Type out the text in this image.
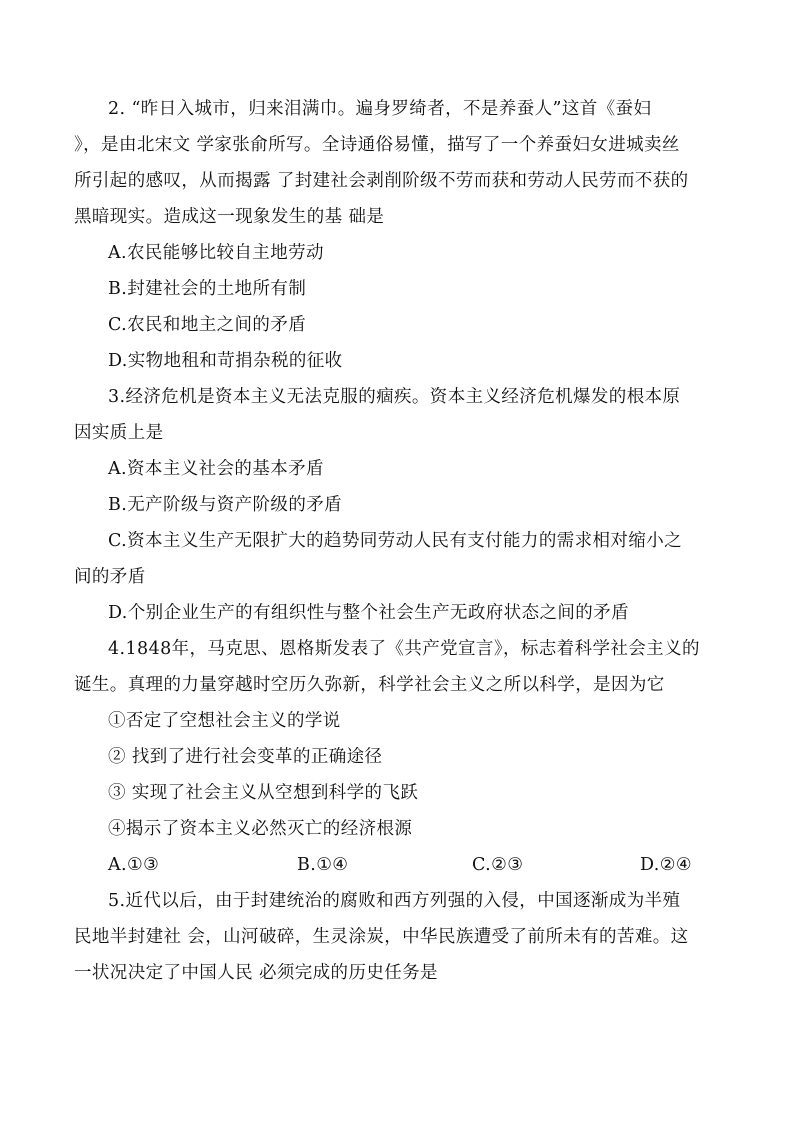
2. “昨日入城市，归来泪满巾。遍身罗绮者，不是养蚕人”这首《蚕妇
》，是由北宋文 学家张俞所写。全诗通俗易懂，描写了一个养蚕妇女进城卖丝
所引起的感叹，从而揭露 了封建社会剥削阶级不劳而获和劳动人民劳而不获的
黑暗现实。造成这一现象发生的基 础是
A.农民能够比较自主地劳动
B.封建社会的土地所有制
C.农民和地主之间的矛盾
D.实物地租和苛捐杂税的征收
3.经济危机是资本主义无法克服的痼疾。资本主义经济危机爆发的根本原
因实质上是
A.资本主义社会的基本矛盾
B.无产阶级与资产阶级的矛盾
C.资本主义生产无限扩大的趋势同劳动人民有支付能力的需求相对缩小之
间的矛盾
D.个别企业生产的有组织性与整个社会生产无政府状态之间的矛盾
4.1848年，马克思、恩格斯发表了《共产党宣言》，标志着科学社会主义的
诞生。真理的力量穿越时空历久弥新，科学社会主义之所以科学，是因为它
①否定了空想社会主义的学说
② 找到了进行社会变革的正确途径
③ 实现了社会主义从空想到科学的飞跃
④揭示了资本主义必然灭亡的经济根源
A.①③	B.①④	C.②③	D.②④
5.近代以后，由于封建统治的腐败和西方列强的入侵，中国逐渐成为半殖
民地半封建社 会，山河破碎，生灵涂炭，中华民族遭受了前所未有的苦难。这
一状况决定了中国人民 必须完成的历史任务是
